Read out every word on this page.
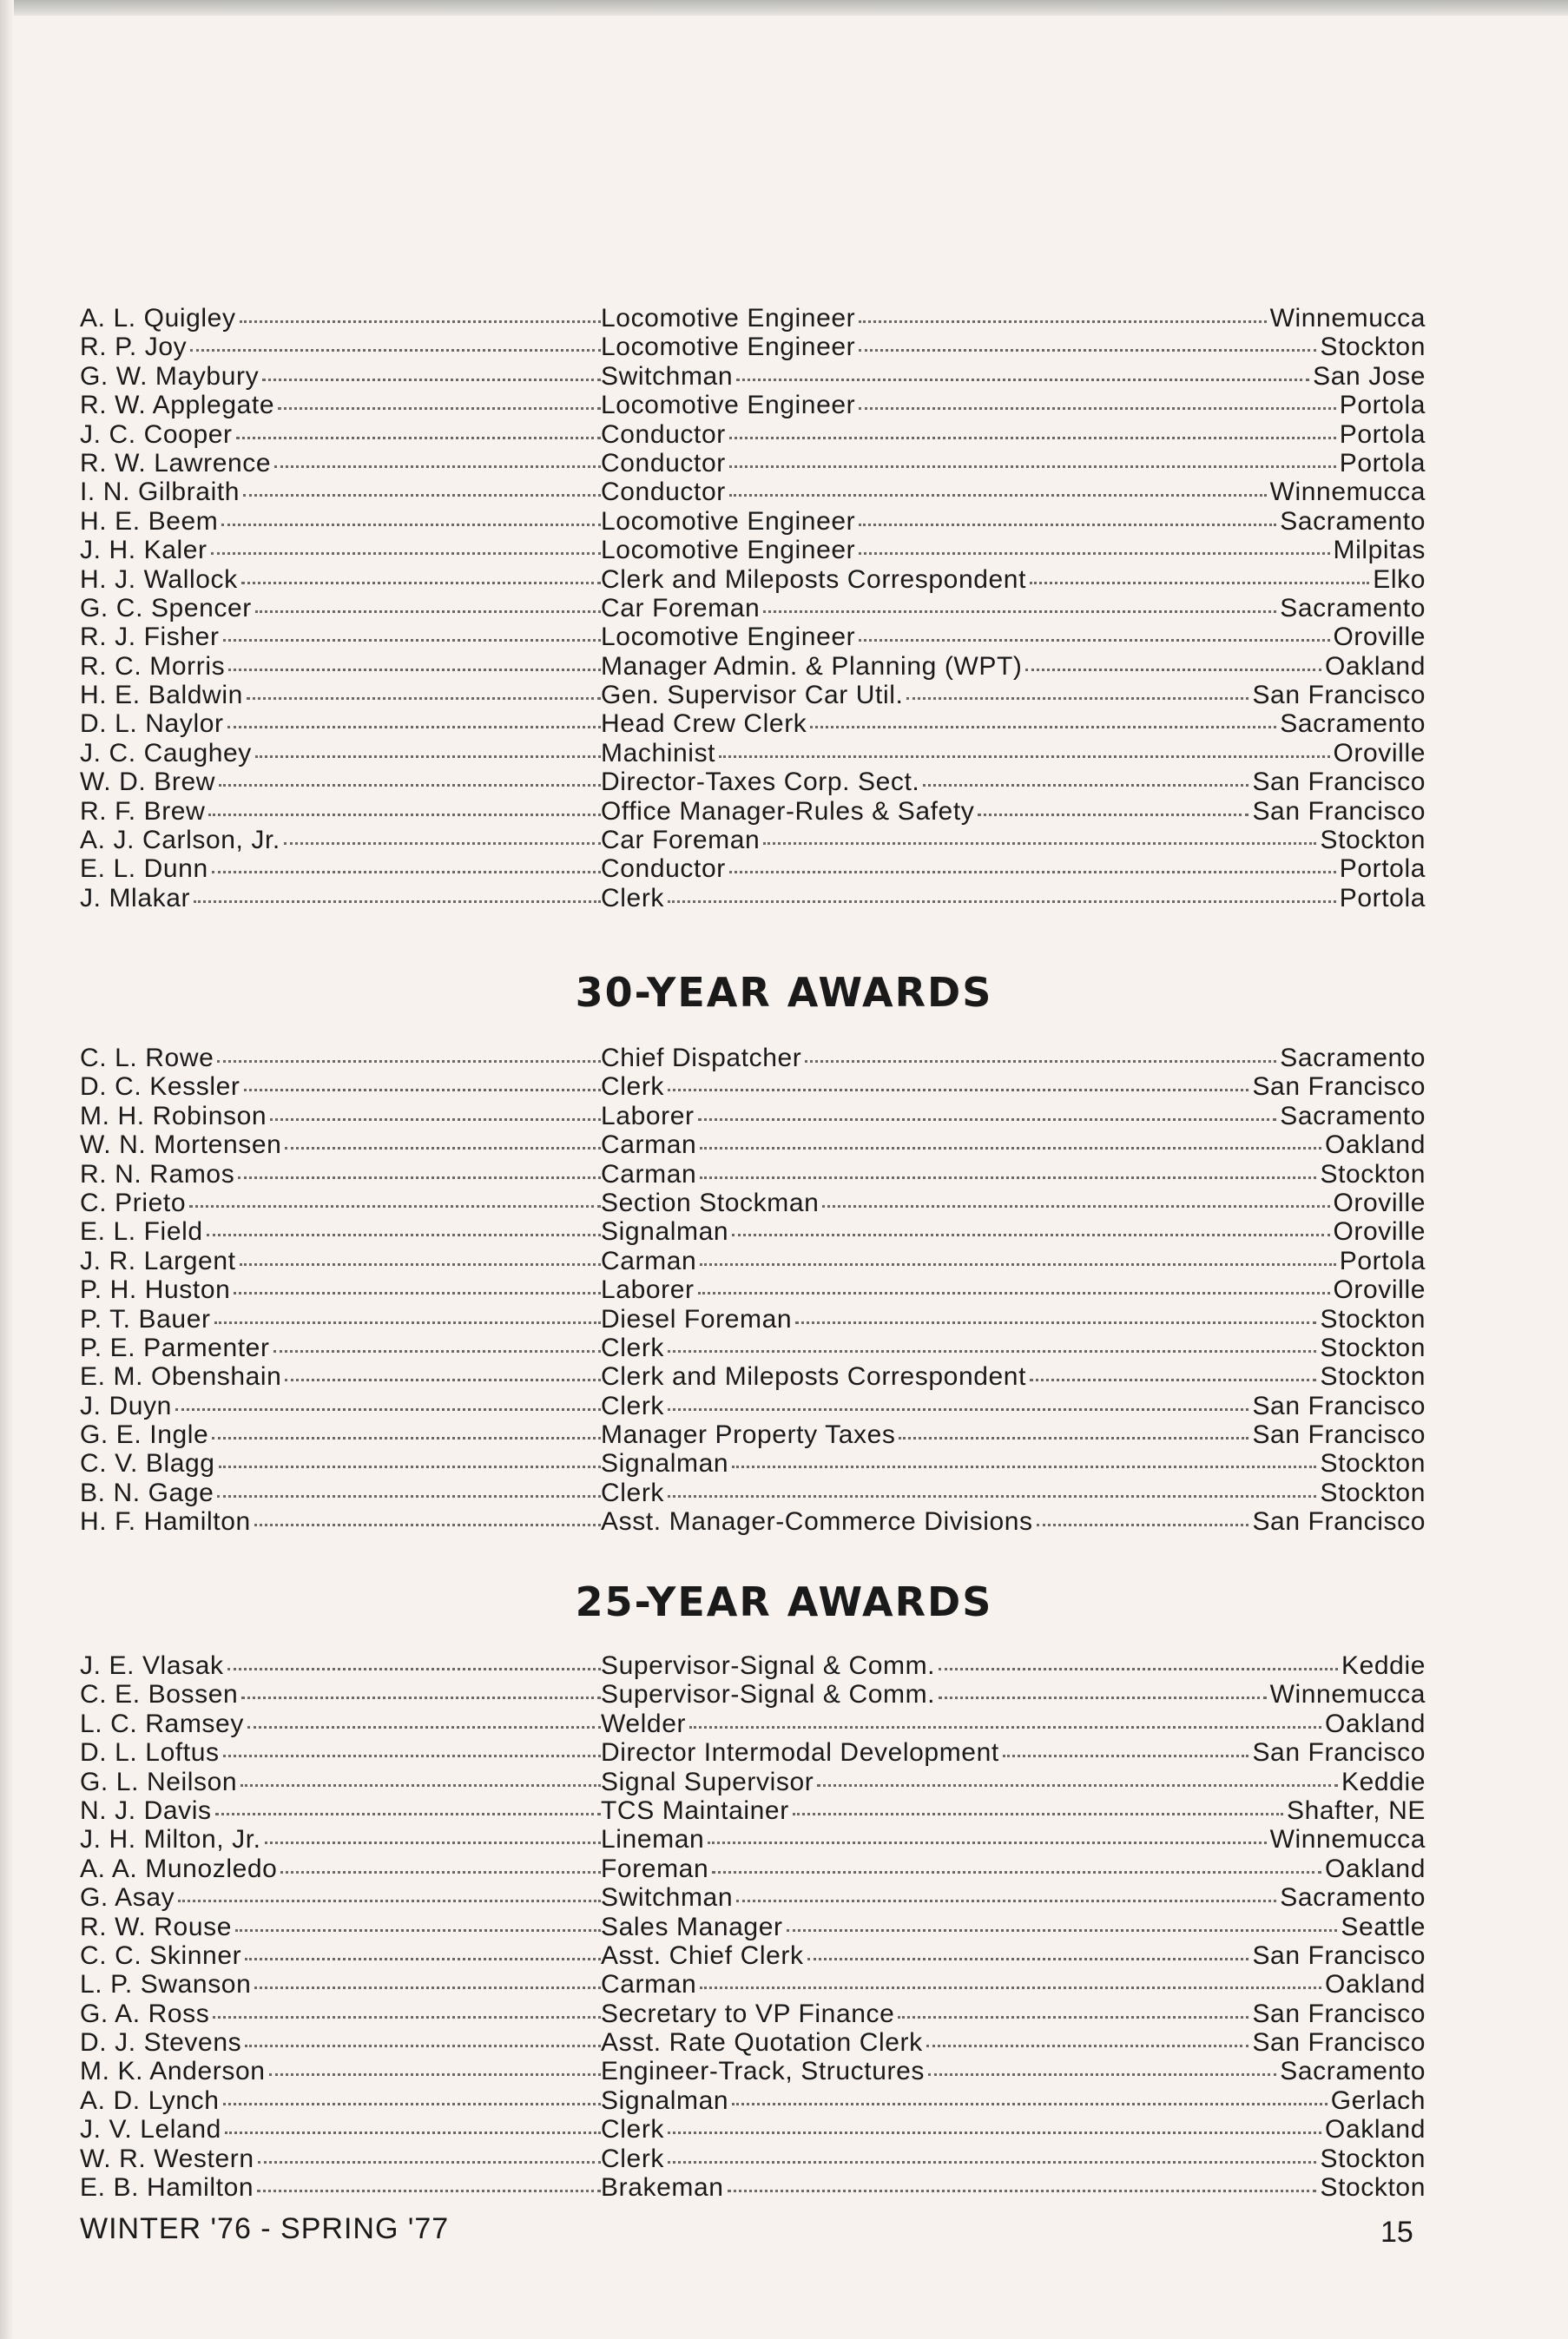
A. L. Quigley	Locomotive Engineer	Winnemucca
R. P. Joy	Locomotive Engineer	Stockton
G. W. Maybury	Switchman	San Jose
R. W. Applegate	Locomotive Engineer	Portola
J. C. Cooper	Conductor	Portola
R. W. Lawrence	Conductor	Portola
I. N. Gilbraith	Conductor	Winnemucca
H. E. Beem	Locomotive Engineer	Sacramento
J. H. Kaler	Locomotive Engineer	Milpitas
H. J. Wallock	Clerk and Mileposts Correspondent	Elko
G. C. Spencer	Car Foreman	Sacramento
R. J. Fisher	Locomotive Engineer	Oroville
R. C. Morris	Manager Admin. & Planning (WPT)	Oakland
H. E. Baldwin	Gen. Supervisor Car Util.	San Francisco
D. L. Naylor	Head Crew Clerk	Sacramento
J. C. Caughey	Machinist	Oroville
W. D. Brew	Director-Taxes Corp. Sect.	San Francisco
R. F. Brew	Office Manager-Rules & Safety	San Francisco
A. J. Carlson, Jr.	Car Foreman	Stockton
E. L. Dunn	Conductor	Portola
J. Mlakar	Clerk	Portola
30-YEAR AWARDS
C. L. Rowe	Chief Dispatcher	Sacramento
D. C. Kessler	Clerk	San Francisco
M. H. Robinson	Laborer	Sacramento
W. N. Mortensen	Carman	Oakland
R. N. Ramos	Carman	Stockton
C. Prieto	Section Stockman	Oroville
E. L. Field	Signalman	Oroville
J. R. Largent	Carman	Portola
P. H. Huston	Laborer	Oroville
P. T. Bauer	Diesel Foreman	Stockton
P. E. Parmenter	Clerk	Stockton
E. M. Obenshain	Clerk and Mileposts Correspondent	Stockton
J. Duyn	Clerk	San Francisco
G. E. Ingle	Manager Property Taxes	San Francisco
C. V. Blagg	Signalman	Stockton
B. N. Gage	Clerk	Stockton
H. F. Hamilton	Asst. Manager-Commerce Divisions	San Francisco
25-YEAR AWARDS
J. E. Vlasak	Supervisor-Signal & Comm.	Keddie
C. E. Bossen	Supervisor-Signal & Comm.	Winnemucca
L. C. Ramsey	Welder	Oakland
D. L. Loftus	Director Intermodal Development	San Francisco
G. L. Neilson	Signal Supervisor	Keddie
N. J. Davis	TCS Maintainer	Shafter, NE
J. H. Milton, Jr.	Lineman	Winnemucca
A. A. Munozledo	Foreman	Oakland
G. Asay	Switchman	Sacramento
R. W. Rouse	Sales Manager	Seattle
C. C. Skinner	Asst. Chief Clerk	San Francisco
L. P. Swanson	Carman	Oakland
G. A. Ross	Secretary to VP Finance	San Francisco
D. J. Stevens	Asst. Rate Quotation Clerk	San Francisco
M. K. Anderson	Engineer-Track, Structures	Sacramento
A. D. Lynch	Signalman	Gerlach
J. V. Leland	Clerk	Oakland
W. R. Western	Clerk	Stockton
E. B. Hamilton	Brakeman	Stockton
WINTER '76 - SPRING '77	15
